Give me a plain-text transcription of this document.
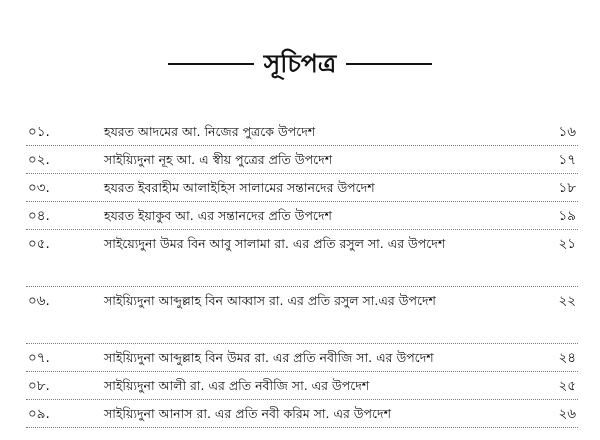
সূচিপত্র
০১.	হযরত আদমের আ. নিজের পুত্রকে উপদেশ	১৬
০২.	সাইয়্যিদুনা নূহ আ. এ স্বীয় পুত্রের প্রতি উপদেশ	১৭
০৩.	হযরত ইবরাহীম আলাইহিস সালামের সন্তানদের উপদেশ	১৮
০৪.	হযরত ইয়াকুব আ. এর সন্তানদের প্রতি উপদেশ	১৯
০৫.	সাইয়্যেদুনা উমর বিন আবু সালামা রা. এর প্রতি রসুল সা. এর উপদেশ	২১
০৬.	সাইয়্যিদুনা আব্দুল্লাহ বিন আব্বাস রা. এর প্রতি রসুল সা.এর উপদেশ	২২
০৭.	সাইয়্যিদুনা আব্দুল্লাহ বিন উমর রা. এর প্রতি নবীজি সা. এর উপদেশ	২৪
০৮.	সাইয়্যিদুনা আলী রা. এর প্রতি নবীজি সা. এর উপদেশ	২৫
০৯.	সাইয়্যিদুনা আনাস রা. এর প্রতি নবী করিম সা. এর উপদেশ	২৬
